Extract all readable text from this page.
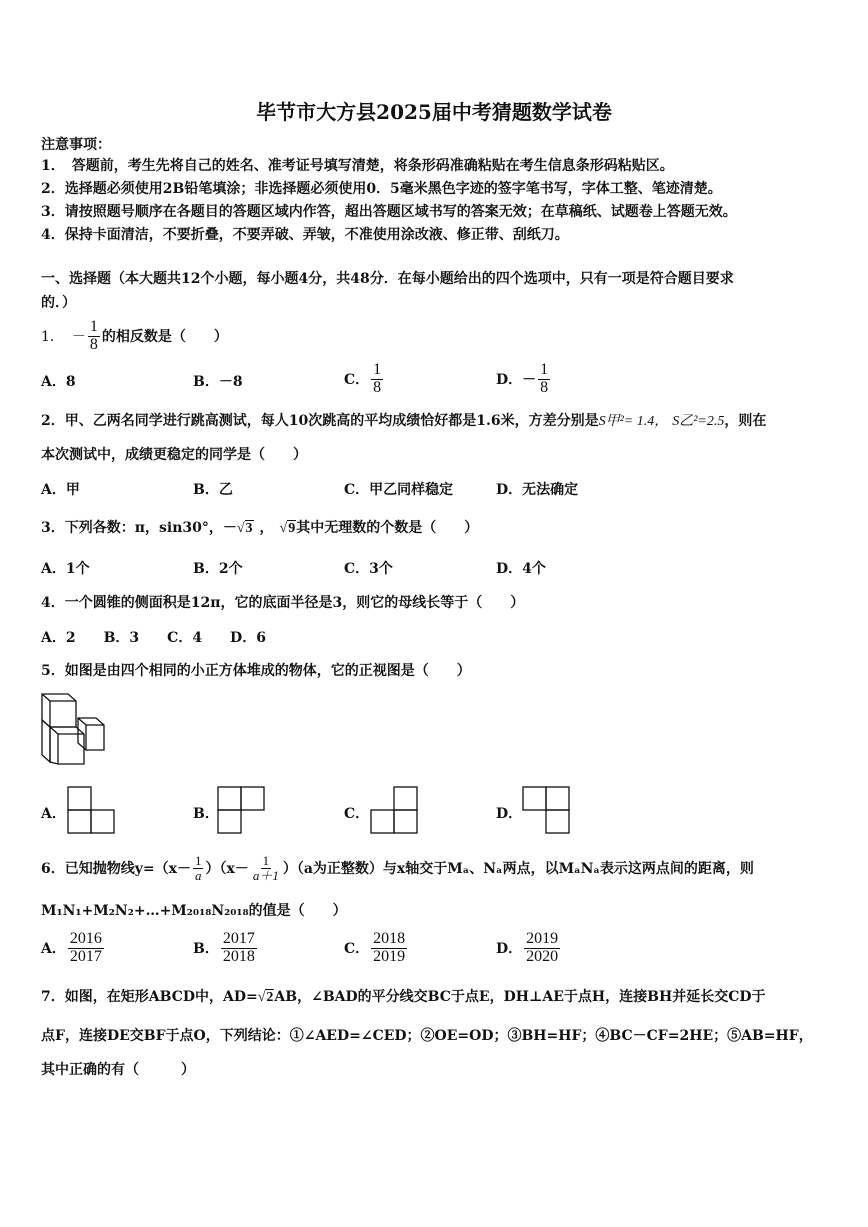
毕节市大方县2025届中考猜题数学试卷
注意事项：
1．　答题前，考生先将自己的姓名、准考证号填写清楚，将条形码准确粘贴在考生信息条形码粘贴区。
2．选择题必须使用2B铅笔填涂；非选择题必须使用0．5毫米黑色字迹的签字笔书写，字体工整、笔迹清楚。
3．请按照题号顺序在各题目的答题区域内作答，超出答题区域书写的答案无效；在草稿纸、试题卷上答题无效。
4．保持卡面清洁，不要折叠，不要弄破、弄皱，不准使用涂改液、修正带、刮纸刀。
一、选择题（本大题共12个小题，每小题4分，共48分．在每小题给出的四个选项中，只有一项是符合题目要求
的．）
1． － $\frac{1}{8}$ 的相反数是（　　）
A．8	B．－8	C． $\frac{1}{8}$	D．－ $\frac{1}{8}$
2．甲、乙两名同学进行跳高测试，每人10次跳高的平均成绩恰好都是1.6米，方差分别是S甲²= 1.4， S乙²=2.5，则在
本次测试中，成绩更稳定的同学是（　　）
A．甲	B．乙	C．甲乙同样稳定	D．无法确定
3．下列各数：π，sin30°，－√3 ， √9其中无理数的个数是（　　）
A．1个	B．2个	C．3个	D．4个
4．一个圆锥的侧面积是12π，它的底面半径是3，则它的母线长等于（　　）
A．2　　B．3　　C．4　　D．6
5．如图是由四个相同的小正方体堆成的物体，它的正视图是（　　）
A．	B．	C．	D．
6．已知抛物线$y=(x- \frac{1}{a} )(x- \frac{1}{a+1} )(a$为正整数）与x轴交于Mₐ、Nₐ两点，以MₐNₐ表示这两点间的距离，则
M₁N₁+M₂N₂+…+M₂₀₁₈N₂₀₁₈的值是（　　）
A． $\frac{2016}{2017}$	B． $\frac{2017}{2018}$	C． $\frac{2018}{2019}$	D． $\frac{2019}{2020}$
7．如图，在矩形ABCD中，AD=√2AB，∠BAD的平分线交BC于点E，DH⊥AE于点H，连接BH并延长交CD于
点F，连接DE交BF于点O，下列结论：①∠AED=∠CED；②OE=OD；③BH=HF；④BC－CF=2HE；⑤AB=HF，
其中正确的有（　　　）
